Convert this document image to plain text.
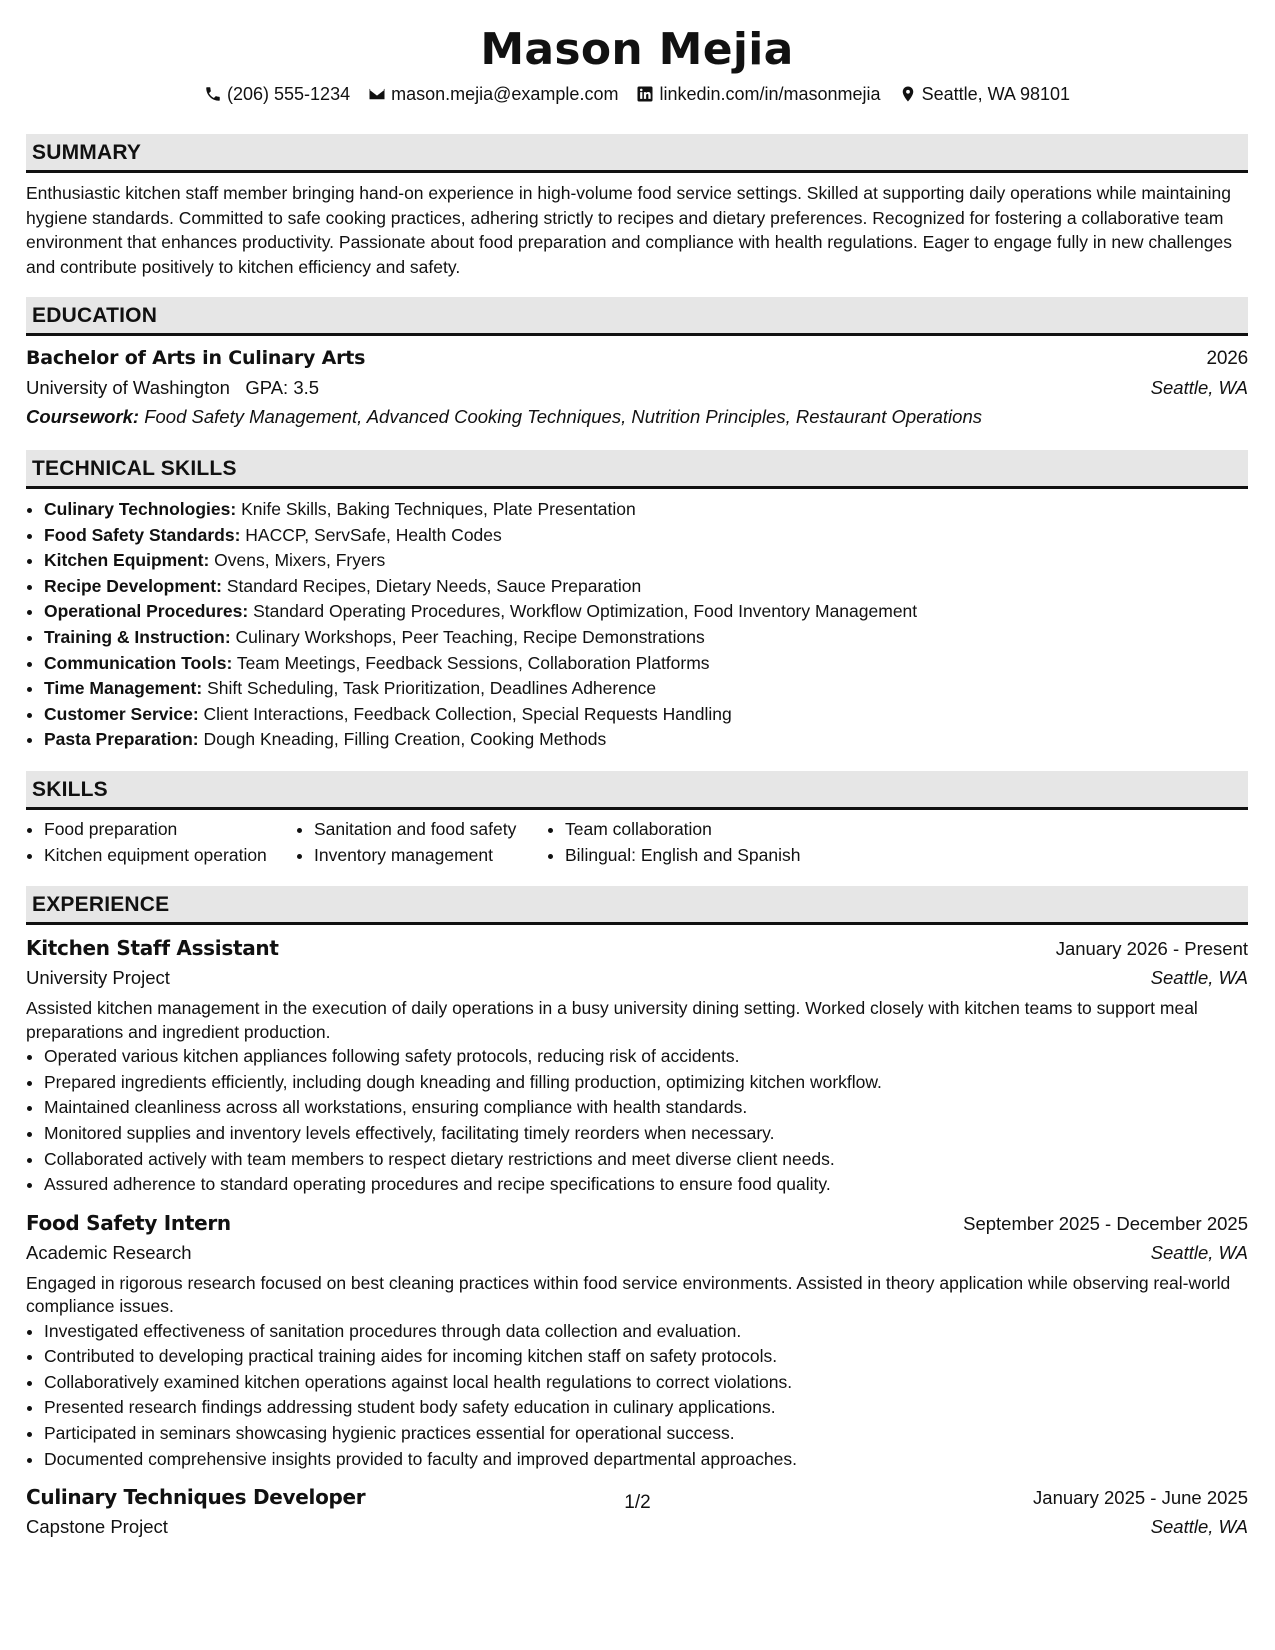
Mason Mejia
(206) 555-1234 mason.mejia@example.com linkedin.com/in/masonmejia Seattle, WA 98101
SUMMARY
Enthusiastic kitchen staff member bringing hand-on experience in high-volume food service settings. Skilled at supporting daily operations while maintaining hygiene standards. Committed to safe cooking practices, adhering strictly to recipes and dietary preferences. Recognized for fostering a collaborative team environment that enhances productivity. Passionate about food preparation and compliance with health regulations. Eager to engage fully in new challenges and contribute positively to kitchen efficiency and safety.
EDUCATION
Bachelor of Arts in Culinary Arts	2026
University of Washington GPA: 3.5	Seattle, WA
Coursework: Food Safety Management, Advanced Cooking Techniques, Nutrition Principles, Restaurant Operations
TECHNICAL SKILLS
• Culinary Technologies: Knife Skills, Baking Techniques, Plate Presentation
• Food Safety Standards: HACCP, ServSafe, Health Codes
• Kitchen Equipment: Ovens, Mixers, Fryers
• Recipe Development: Standard Recipes, Dietary Needs, Sauce Preparation
• Operational Procedures: Standard Operating Procedures, Workflow Optimization, Food Inventory Management
• Training & Instruction: Culinary Workshops, Peer Teaching, Recipe Demonstrations
• Communication Tools: Team Meetings, Feedback Sessions, Collaboration Platforms
• Time Management: Shift Scheduling, Task Prioritization, Deadlines Adherence
• Customer Service: Client Interactions, Feedback Collection, Special Requests Handling
• Pasta Preparation: Dough Kneading, Filling Creation, Cooking Methods
SKILLS
• Food preparation
• Kitchen equipment operation
• Sanitation and food safety
• Inventory management
• Team collaboration
• Bilingual: English and Spanish
EXPERIENCE
Kitchen Staff Assistant	January 2026 - Present
University Project	Seattle, WA
Assisted kitchen management in the execution of daily operations in a busy university dining setting. Worked closely with kitchen teams to support meal preparations and ingredient production.
• Operated various kitchen appliances following safety protocols, reducing risk of accidents.
• Prepared ingredients efficiently, including dough kneading and filling production, optimizing kitchen workflow.
• Maintained cleanliness across all workstations, ensuring compliance with health standards.
• Monitored supplies and inventory levels effectively, facilitating timely reorders when necessary.
• Collaborated actively with team members to respect dietary restrictions and meet diverse client needs.
• Assured adherence to standard operating procedures and recipe specifications to ensure food quality.
Food Safety Intern	September 2025 - December 2025
Academic Research	Seattle, WA
Engaged in rigorous research focused on best cleaning practices within food service environments. Assisted in theory application while observing real-world compliance issues.
• Investigated effectiveness of sanitation procedures through data collection and evaluation.
• Contributed to developing practical training aides for incoming kitchen staff on safety protocols.
• Collaboratively examined kitchen operations against local health regulations to correct violations.
• Presented research findings addressing student body safety education in culinary applications.
• Participated in seminars showcasing hygienic practices essential for operational success.
• Documented comprehensive insights provided to faculty and improved departmental approaches.
Culinary Techniques Developer	January 2025 - June 2025
Capstone Project	Seattle, WA
1/2
